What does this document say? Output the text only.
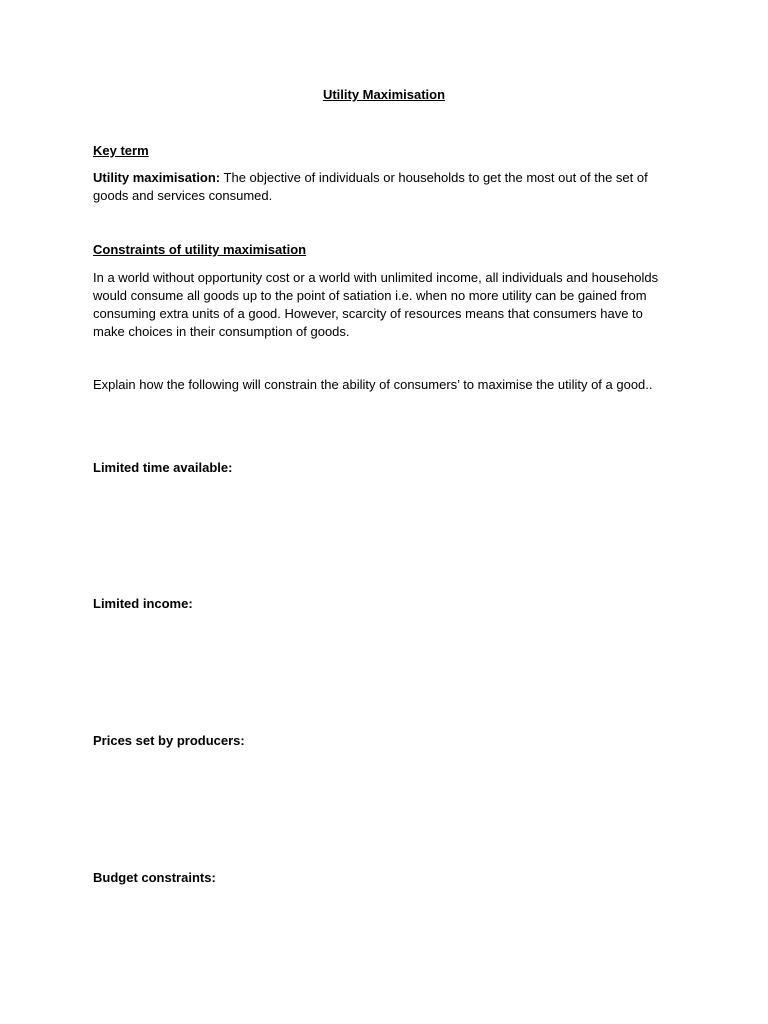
Utility Maximisation

Key term

Utility maximisation: The objective of individuals or households to get the most out of the set of goods and services consumed.

Constraints of utility maximisation

In a world without opportunity cost or a world with unlimited income, all individuals and households would consume all goods up to the point of satiation i.e. when no more utility can be gained from consuming extra units of a good. However, scarcity of resources means that consumers have to make choices in their consumption of goods.

Explain how the following will constrain the ability of consumers’ to maximise the utility of a good..

Limited time available:

Limited income:

Prices set by producers:

Budget constraints:
